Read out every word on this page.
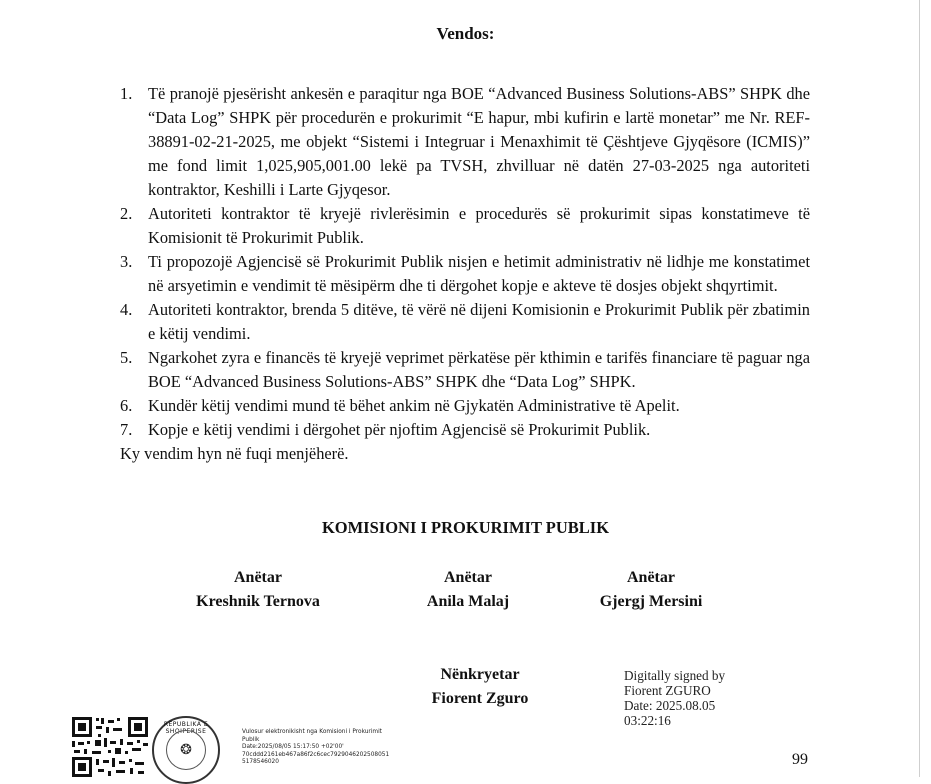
Vendos:
1. Të pranojë pjesërisht ankesën e paraqitur nga BOE “Advanced Business Solutions-ABS” SHPK dhe “Data Log” SHPK për procedurën e prokurimit “E hapur, mbi kufirin e lartë monetar” me Nr. REF-38891-02-21-2025, me objekt “Sistemi i Integruar i Menaxhimit të Çështjeve Gjyqësore (ICMIS)” me fond limit 1,025,905,001.00 lekë pa TVSH, zhvilluar në datën 27-03-2025 nga autoriteti kontraktor, Keshilli i Larte Gjyqesor.
2. Autoriteti kontraktor të kryejë rivlerësimin e procedurës së prokurimit sipas konstatimeve të Komisionit të Prokurimit Publik.
3. Ti propozojë Agjencisë së Prokurimit Publik nisjen e hetimit administrativ në lidhje me konstatimet në arsyetimin e vendimit të mësipërm dhe ti dërgohet kopje e akteve të dosjes objekt shqyrtimit.
4. Autoriteti kontraktor, brenda 5 ditëve, të vërë në dijeni Komisionin e Prokurimit Publik për zbatimin e këtij vendimi.
5. Ngarkohet zyra e financës të kryejë veprimet përkatëse për kthimin e tarifës financiare të paguar nga BOE “Advanced Business Solutions-ABS” SHPK dhe “Data Log” SHPK.
6. Kundër këtij vendimi mund të bëhet ankim në Gjykatën Administrative të Apelit.
7. Kopje e këtij vendimi i dërgohet për njoftim Agjencisë së Prokurimit Publik.
Ky vendim hyn në fuqi menjëherë.
KOMISIONI I PROKURIMIT PUBLIK
Anëtar
Kreshnik Ternova
Anëtar
Anila Malaj
Anëtar
Gjergj Mersini
Nënkryetar
Fiorent Zguro
Digitally signed by
Fiorent ZGURO
Date: 2025.08.05
03:22:16
REPUBLIKA E SHQIPERISE
❂
Vulosur elektronikisht nga Komisioni i Prokurimit
Publik
Date:2025/08/05 15:17:50 +02'00'
70cddd2161eb467a86f2c6cec7929046202508051
5178546020	99
